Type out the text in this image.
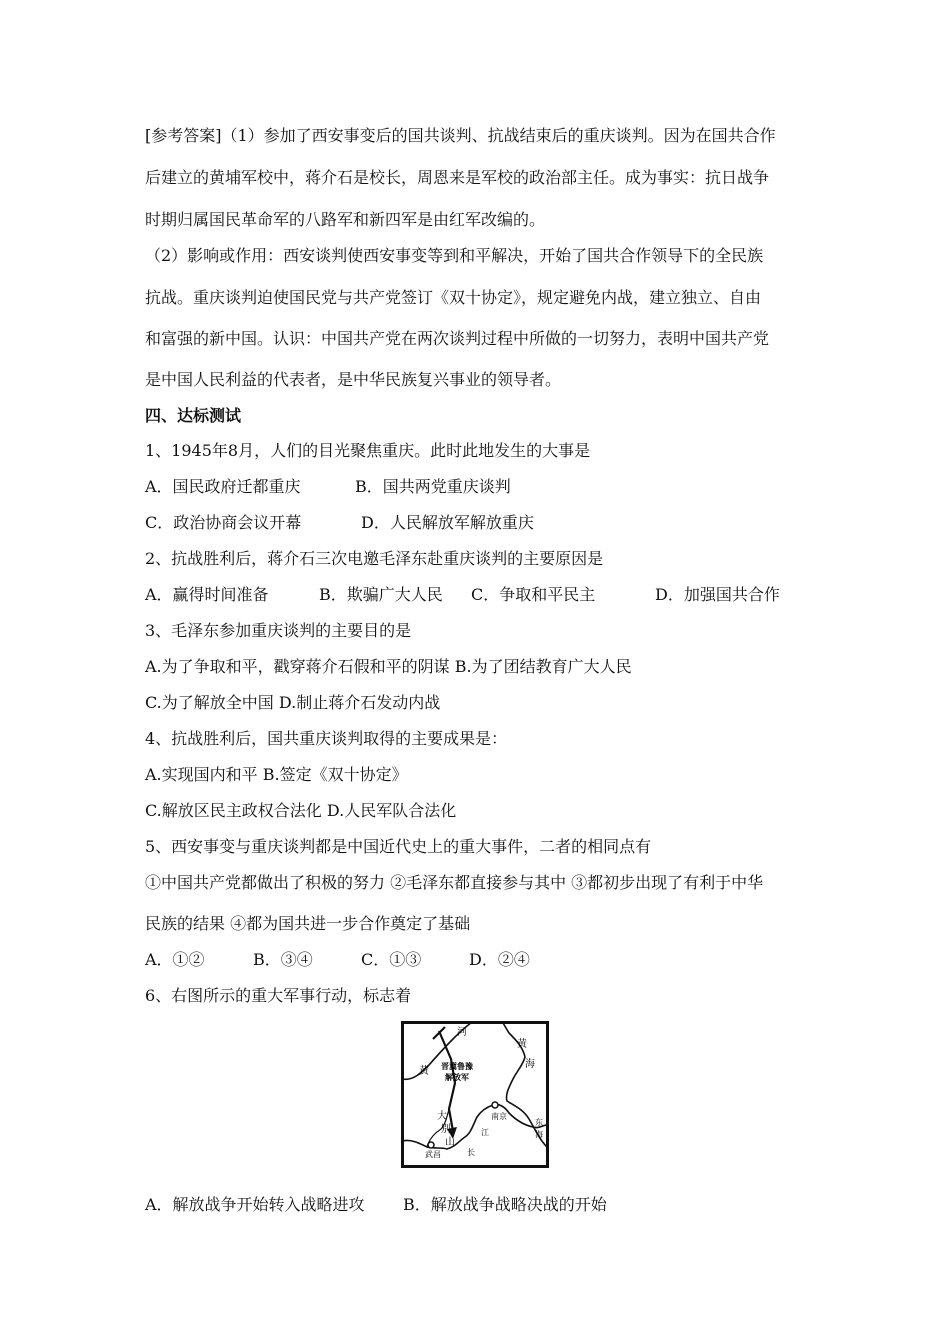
[参考答案]（1）参加了西安事变后的国共谈判、抗战结束后的重庆谈判。因为在国共合作
后建立的黄埔军校中，蒋介石是校长，周恩来是军校的政治部主任。成为事实：抗日战争
时期归属国民革命军的八路军和新四军是由红军改编的。
（2）影响或作用：西安谈判使西安事变等到和平解决，开始了国共合作领导下的全民族
抗战。重庆谈判迫使国民党与共产党签订《双十协定》，规定避免内战，建立独立、自由
和富强的新中国。认识：中国共产党在两次谈判过程中所做的一切努力，表明中国共产党
是中国人民利益的代表者，是中华民族复兴事业的领导者。
四、达标测试
1、1945年8月，人们的目光聚焦重庆。此时此地发生的大事是
A．国民政府迁都重庆	B．国共两党重庆谈判
C．政治协商会议开幕	D．人民解放军解放重庆
2、抗战胜利后，蒋介石三次电邀毛泽东赴重庆谈判的主要原因是
A．赢得时间准备	B．欺骗广大人民 C．争取和平民主	D．加强国共合作
3、毛泽东参加重庆谈判的主要目的是
A.为了争取和平，戳穿蒋介石假和平的阴谋 B.为了团结教育广大人民
C.为了解放全中国 D.制止蒋介石发动内战
4、抗战胜利后，国共重庆谈判取得的主要成果是：
A.实现国内和平 B.签定《双十协定》
C.解放区民主政权合法化 D.人民军队合法化
5、西安事变与重庆谈判都是中国近代史上的重大事件，二者的相同点有
①中国共产党都做出了积极的努力 ②毛泽东都直接参与其中 ③都初步出现了有利于中华
民族的结果 ④都为国共进一步合作奠定了基础
A．①②	B．③④	C．①③	D．②④
6、右图所示的重大军事行动，标志着
河
黄
黄
海
晋冀鲁豫
解放军
大
别
山
南京
江
长
武昌
东
海
A．解放战争开始转入战略进攻 B．解放战争战略决战的开始
